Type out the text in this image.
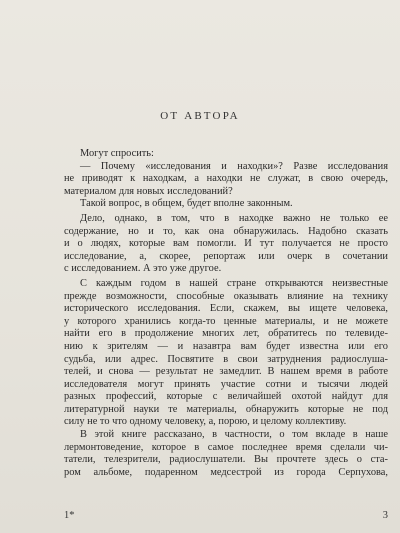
ОТ АВТОРА
Могут спросить:
— Почему «исследования и находки»? Разве исследования
не приводят к находкам, а находки не служат, в свою очередь,
материалом для новых исследований?
Такой вопрос, в общем, будет вполне законным.
Дело, однако, в том, что в находке важно не только ее
содержание, но и то, как она обнаружилась. Надобно сказать
и о людях, которые вам помогли. И тут получается не просто
исследование, а, скорее, репортаж или очерк в сочетании
с исследованием. А это уже другое.
С каждым годом в нашей стране открываются неизвестные
прежде возможности, способные оказывать влияние на технику
исторического исследования. Если, скажем, вы ищете человека,
у которого хранились когда-то ценные материалы, и не можете
найти его в продолжение многих лет, обратитесь по телевиде-
нию к зрителям — и назавтра вам будет известна или его
судьба, или адрес. Посвятите в свои затруднения радиослуша-
телей, и снова — результат не замедлит. В нашем время в работе
исследователя могут принять участие сотни и тысячи людей
разных профессий, которые с величайшей охотой найдут для
литературной науки те материалы, обнаружить которые не под
силу не то что одному человеку, а, порою, и целому коллективу.
В этой книге рассказано, в частности, о том вкладе в наше
лермонтоведение, которое в самое последнее время сделали чи-
татели, телезрители, радиослушатели. Вы прочтете здесь о ста-
ром альбоме, подаренном медсестрой из города Серпухова,
1*	3
